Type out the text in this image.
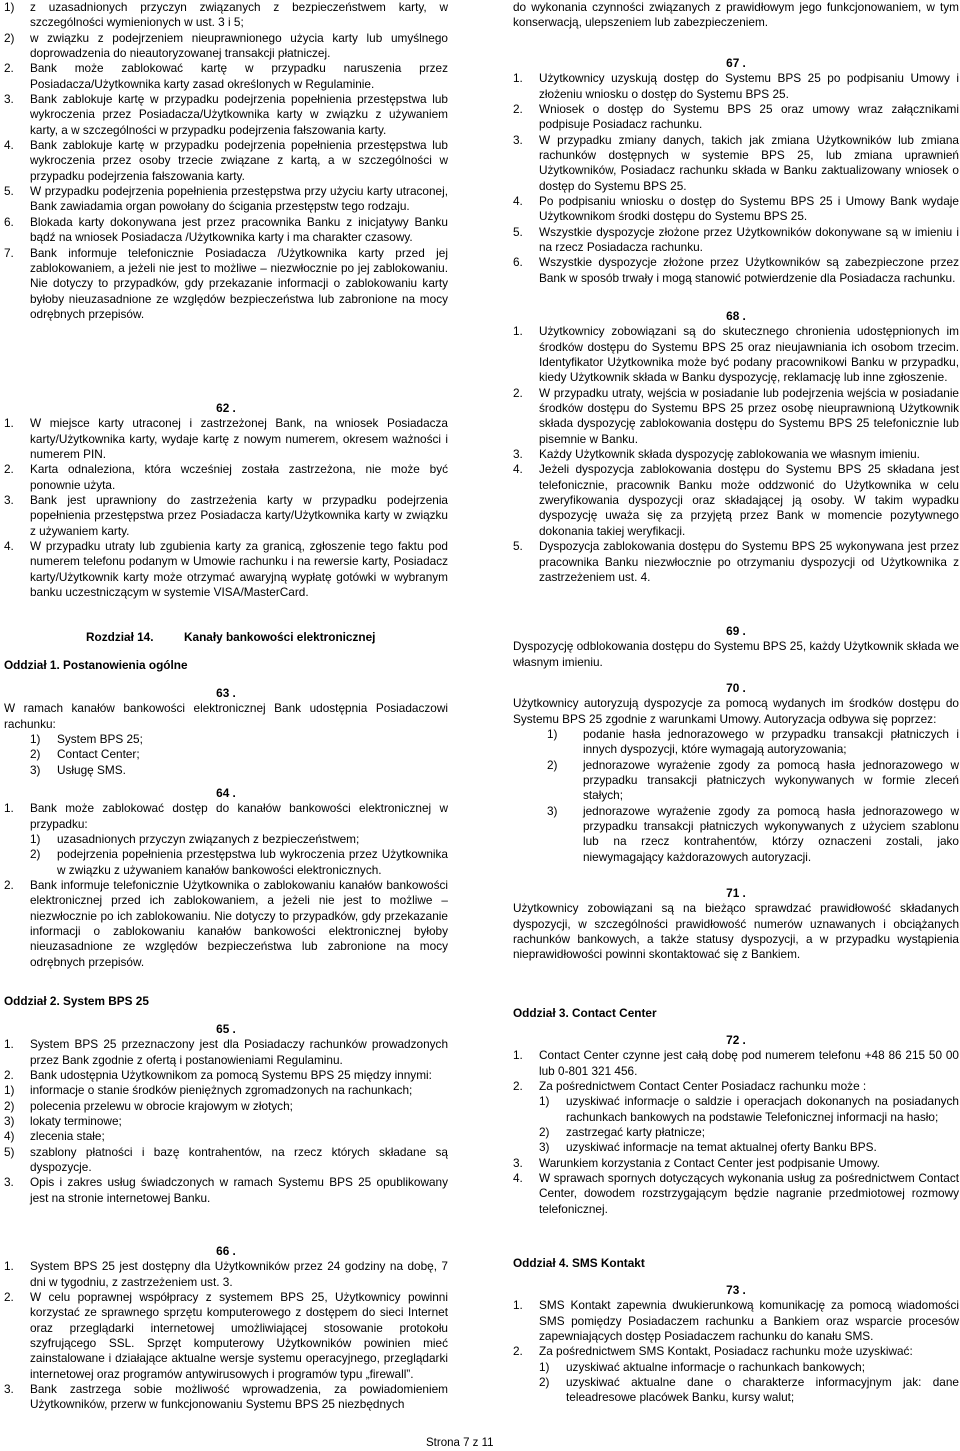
1)	z uzasadnionych przyczyn związanych z bezpieczeństwem karty, w szczególności wymienionych w ust. 3 i 5;
2)	w związku z podejrzeniem nieuprawnionego użycia karty lub umyślnego doprowadzenia do nieautoryzowanej transakcji płatniczej.
2.	Bank może zablokować kartę w przypadku naruszenia przez Posiadacza/Użytkownika karty zasad określonych w Regulaminie.
3.	Bank zablokuje kartę w przypadku podejrzenia popełnienia przestępstwa lub wykroczenia przez Posiadacza/Użytkownika karty w związku z używaniem karty, a w szczególności w przypadku podejrzenia fałszowania karty.
4.	Bank zablokuje kartę w przypadku podejrzenia popełnienia przestępstwa lub wykroczenia przez osoby trzecie związane z kartą, a w szczególności w przypadku podejrzenia fałszowania karty.
5.	W przypadku podejrzenia popełnienia przestępstwa przy użyciu karty utraconej, Bank zawiadamia organ powołany do ścigania przestępstw tego rodzaju.
6.	Blokada karty dokonywana jest przez pracownika Banku z inicjatywy Banku bądź na wniosek Posiadacza /Użytkownika karty i ma charakter czasowy.
7.	Bank informuje telefonicznie Posiadacza /Użytkownika karty przed jej zablokowaniem, a jeżeli nie jest to możliwe – niezwłocznie po jej zablokowaniu. Nie dotyczy to przypadków, gdy przekazanie informacji o zablokowaniu karty byłoby nieuzasadnione ze względów bezpieczeństwa lub zabronione na mocy odrębnych przepisów.

62 .

1.	W miejsce karty utraconej i zastrzeżonej Bank, na wniosek Posiadacza karty/Użytkownika karty, wydaje kartę z nowym numerem, okresem ważności i numerem PIN.
2.	Karta odnaleziona, która wcześniej została zastrzeżona, nie może być ponownie użyta.
3.	Bank jest uprawniony do zastrzeżenia karty w przypadku podejrzenia popełnienia przestępstwa przez Posiadacza karty/Użytkownika karty w związku z używaniem karty.
4.	W przypadku utraty lub zgubienia karty za granicą, zgłoszenie tego faktu pod numerem telefonu podanym w Umowie rachunku i na rewersie karty, Posiadacz karty/Użytkownik karty może otrzymać awaryjną wypłatę gotówki w wybranym banku uczestniczącym w systemie VISA/MasterCard.
Rozdział 14.	Kanały bankowości elektronicznej

Oddział 1. Postanowienia ogólne

63 .

W ramach kanałów bankowości elektronicznej Bank udostępnia Posiadaczowi rachunku:

1)	System BPS 25;
2)	Contact Center;
3)	Usługę SMS.

64 .

1.	Bank może zablokować dostęp do kanałów bankowości elektronicznej w przypadku:
1)	uzasadnionych przyczyn związanych z bezpieczeństwem;
2)	podejrzenia popełnienia przestępstwa lub wykroczenia przez Użytkownika w związku z używaniem kanałów bankowości elektronicznych.
2.	Bank informuje telefonicznie Użytkownika o zablokowaniu kanałów bankowości elektronicznej przed ich zablokowaniem, a jeżeli nie jest to możliwe – niezwłocznie po ich zablokowaniu. Nie dotyczy to przypadków, gdy przekazanie informacji o zablokowaniu kanałów bankowości elektronicznej byłoby nieuzasadnione ze względów bezpieczeństwa lub zabronione na mocy odrębnych przepisów.

Oddział 2. System BPS 25

65 .

1.	System BPS 25 przeznaczony jest dla Posiadaczy rachunków prowadzonych przez Bank zgodnie z ofertą i postanowieniami Regulaminu.
2.	Bank udostępnia Użytkownikom za pomocą Systemu BPS 25 między innymi:
1)	informacje o stanie środków pieniężnych zgromadzonych na rachunkach;
2)	polecenia przelewu w obrocie krajowym w złotych;
3)	lokaty terminowe;
4)	zlecenia stałe;
5)	szablony płatności i bazę kontrahentów, na rzecz których składane są dyspozycje.
3.	Opis i zakres usług świadczonych w ramach Systemu BPS 25 opublikowany jest na stronie internetowej Banku.

66 .

1.	System BPS 25 jest dostępny dla Użytkowników przez 24 godziny na dobę, 7 dni w tygodniu, z zastrzeżeniem ust. 3.
2.	W celu poprawnej współpracy z systemem BPS 25, Użytkownicy powinni korzystać ze sprawnego sprzętu komputerowego z dostępem do sieci Internet oraz przeglądarki internetowej umożliwiającej stosowanie protokołu szyfrującego SSL. Sprzęt komputerowy Użytkowników powinien mieć zainstalowane i działające aktualne wersje systemu operacyjnego, przeglądarki internetowej oraz programów antywirusowych i programów typu „firewall”.
3.	Bank zastrzega sobie możliwość wprowadzenia, za powiadomieniem Użytkowników, przerw w funkcjonowaniu Systemu BPS 25 niezbędnych

do wykonania czynności związanych z prawidłowym jego funkcjonowaniem, w tym konserwacją, ulepszeniem lub zabezpieczeniem.

67 .

1.	Użytkownicy uzyskują dostęp do Systemu BPS 25 po podpisaniu Umowy i złożeniu wniosku o dostęp do Systemu BPS 25.
2.	Wniosek o dostęp do Systemu BPS 25 oraz umowy wraz załącznikami podpisuje Posiadacz rachunku.
3.	W przypadku zmiany danych, takich jak zmiana Użytkowników lub zmiana rachunków dostępnych w systemie BPS 25, lub zmiana uprawnień Użytkowników, Posiadacz rachunku składa w Banku zaktualizowany wniosek o dostęp do Systemu BPS 25.
4.	Po podpisaniu wniosku o dostęp do Systemu BPS 25 i Umowy Bank wydaje Użytkownikom środki dostępu do Systemu BPS 25.
5.	Wszystkie dyspozycje złożone przez Użytkowników dokonywane są w imieniu i na rzecz Posiadacza rachunku.
6.	Wszystkie dyspozycje złożone przez Użytkowników są zabezpieczone przez Bank w sposób trwały i mogą stanowić potwierdzenie dla Posiadacza rachunku.

68 .

1.	Użytkownicy zobowiązani są do skutecznego chronienia udostępnionych im środków dostępu do Systemu BPS 25 oraz nieujawniania ich osobom trzecim. Identyfikator Użytkownika może być podany pracownikowi Banku w przypadku, kiedy Użytkownik składa w Banku dyspozycję, reklamację lub inne zgłoszenie.
2.	W przypadku utraty, wejścia w posiadanie lub podejrzenia wejścia w posiadanie środków dostępu do Systemu BPS 25 przez osobę nieuprawnioną Użytkownik składa dyspozycję zablokowania dostępu do Systemu BPS 25 telefonicznie lub pisemnie w Banku.
3.	Każdy Użytkownik składa dyspozycję zablokowania we własnym imieniu.
4.	Jeżeli dyspozycja zablokowania dostępu do Systemu BPS 25 składana jest telefonicznie, pracownik Banku może oddzwonić do Użytkownika w celu zweryfikowania dyspozycji oraz składającej ją osoby. W takim wypadku dyspozycję uważa się za przyjętą przez Bank w momencie pozytywnego dokonania takiej weryfikacji.
5.	Dyspozycja zablokowania dostępu do Systemu BPS 25 wykonywana jest przez pracownika Banku niezwłocznie po otrzymaniu dyspozycji od Użytkownika z zastrzeżeniem ust. 4.

69 .

Dyspozycję odblokowania dostępu do Systemu BPS 25, każdy Użytkownik składa we własnym imieniu.

70 .

Użytkownicy autoryzują dyspozycje za pomocą wydanych im środków dostępu do Systemu BPS 25 zgodnie z warunkami Umowy. Autoryzacja odbywa się poprzez:

1)	podanie hasła jednorazowego w przypadku transakcji płatniczych i innych dyspozycji, które wymagają autoryzowania;
2)	jednorazowe wyrażenie zgody za pomocą hasła jednorazowego w przypadku transakcji płatniczych wykonywanych w formie zleceń stałych;
3)	jednorazowe wyrażenie zgody za pomocą hasła jednorazowego w przypadku transakcji płatniczych wykonywanych z użyciem szablonu lub na rzecz kontrahentów, którzy oznaczeni zostali, jako niewymagający każdorazowych autoryzacji.

71 .

Użytkownicy zobowiązani są na bieżąco sprawdzać prawidłowość składanych dyspozycji, w szczególności prawidłowość numerów uznawanych i obciążanych rachunków bankowych, a także statusy dyspozycji, a w przypadku wystąpienia nieprawidłowości powinni skontaktować się z Bankiem.

Oddział 3. Contact Center

72 .

1.	Contact Center czynne jest całą dobę pod numerem telefonu +48 86 215 50 00 lub 0-801 321 456.
2.	Za pośrednictwem Contact Center Posiadacz rachunku może :
1)	uzyskiwać informacje o saldzie i operacjach dokonanych na posiadanych rachunkach bankowych na podstawie Telefonicznej informacji na hasło;
2)	zastrzegać karty płatnicze;
3)	uzyskiwać informacje na temat aktualnej oferty Banku BPS.
3.	Warunkiem korzystania z Contact Center jest podpisanie Umowy.
4.	W sprawach spornych dotyczących wykonania usług za pośrednictwem Contact Center, dowodem rozstrzygającym będzie nagranie przedmiotowej rozmowy telefonicznej.

Oddział 4. SMS Kontakt

73 .

1.	SMS Kontakt zapewnia dwukierunkową komunikację za pomocą wiadomości SMS pomiędzy Posiadaczem rachunku a Bankiem oraz wsparcie procesów zapewniających dostęp Posiadaczem rachunku do kanału SMS.
2.	Za pośrednictwem SMS Kontakt, Posiadacz rachunku może uzyskiwać:
1)	uzyskiwać aktualne informacje o rachunkach bankowych;
2)	uzyskiwać aktualne dane o charakterze informacyjnym jak: dane teleadresowe placówek Banku, kursy walut;
Strona 7 z 11
